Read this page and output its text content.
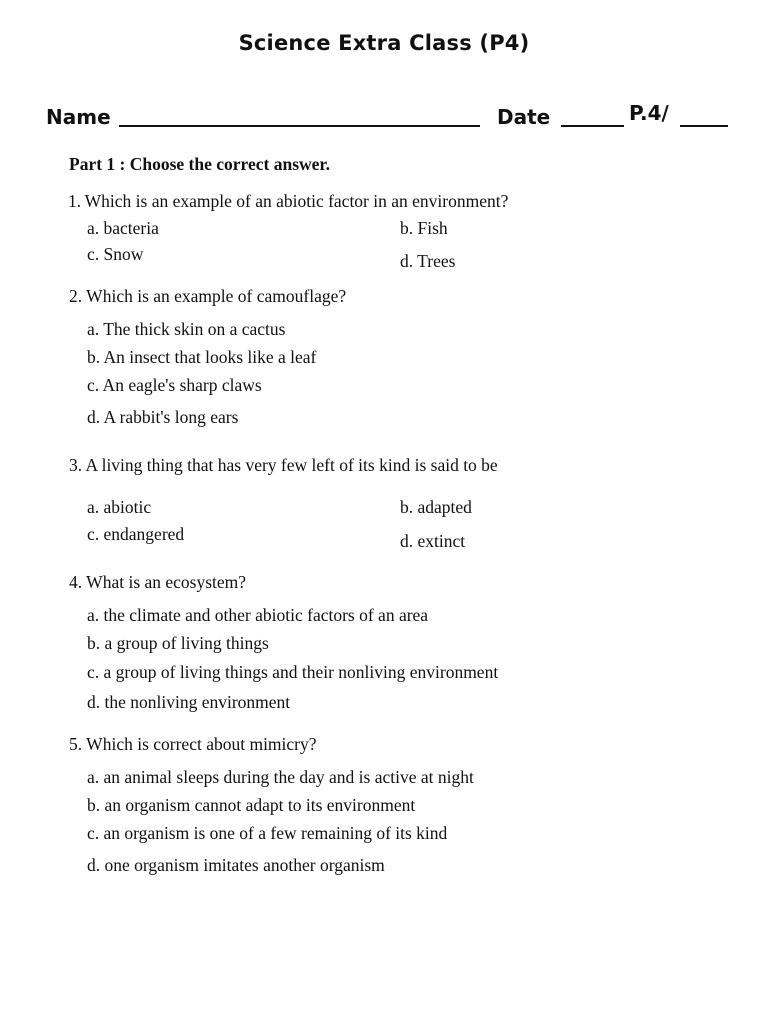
Science Extra Class (P4)
Name	Date	P.4/
Part 1 : Choose the correct answer.
1. Which is an example of an abiotic factor in an environment?
a. bacteria	b. Fish
c. Snow	d. Trees
2. Which is an example of camouflage?
a. The thick skin on a cactus
b. An insect that looks like a leaf
c. An eagle's sharp claws
d. A rabbit's long ears
3. A living thing that has very few left of its kind is said to be
a. abiotic	b. adapted
c. endangered	d. extinct
4. What is an ecosystem?
a. the climate and other abiotic factors of an area
b. a group of living things
c. a group of living things and their nonliving environment
d. the nonliving environment
5. Which is correct about mimicry?
a. an animal sleeps during the day and is active at night
b. an organism cannot adapt to its environment
c. an organism is one of a few remaining of its kind
d. one organism imitates another organism
